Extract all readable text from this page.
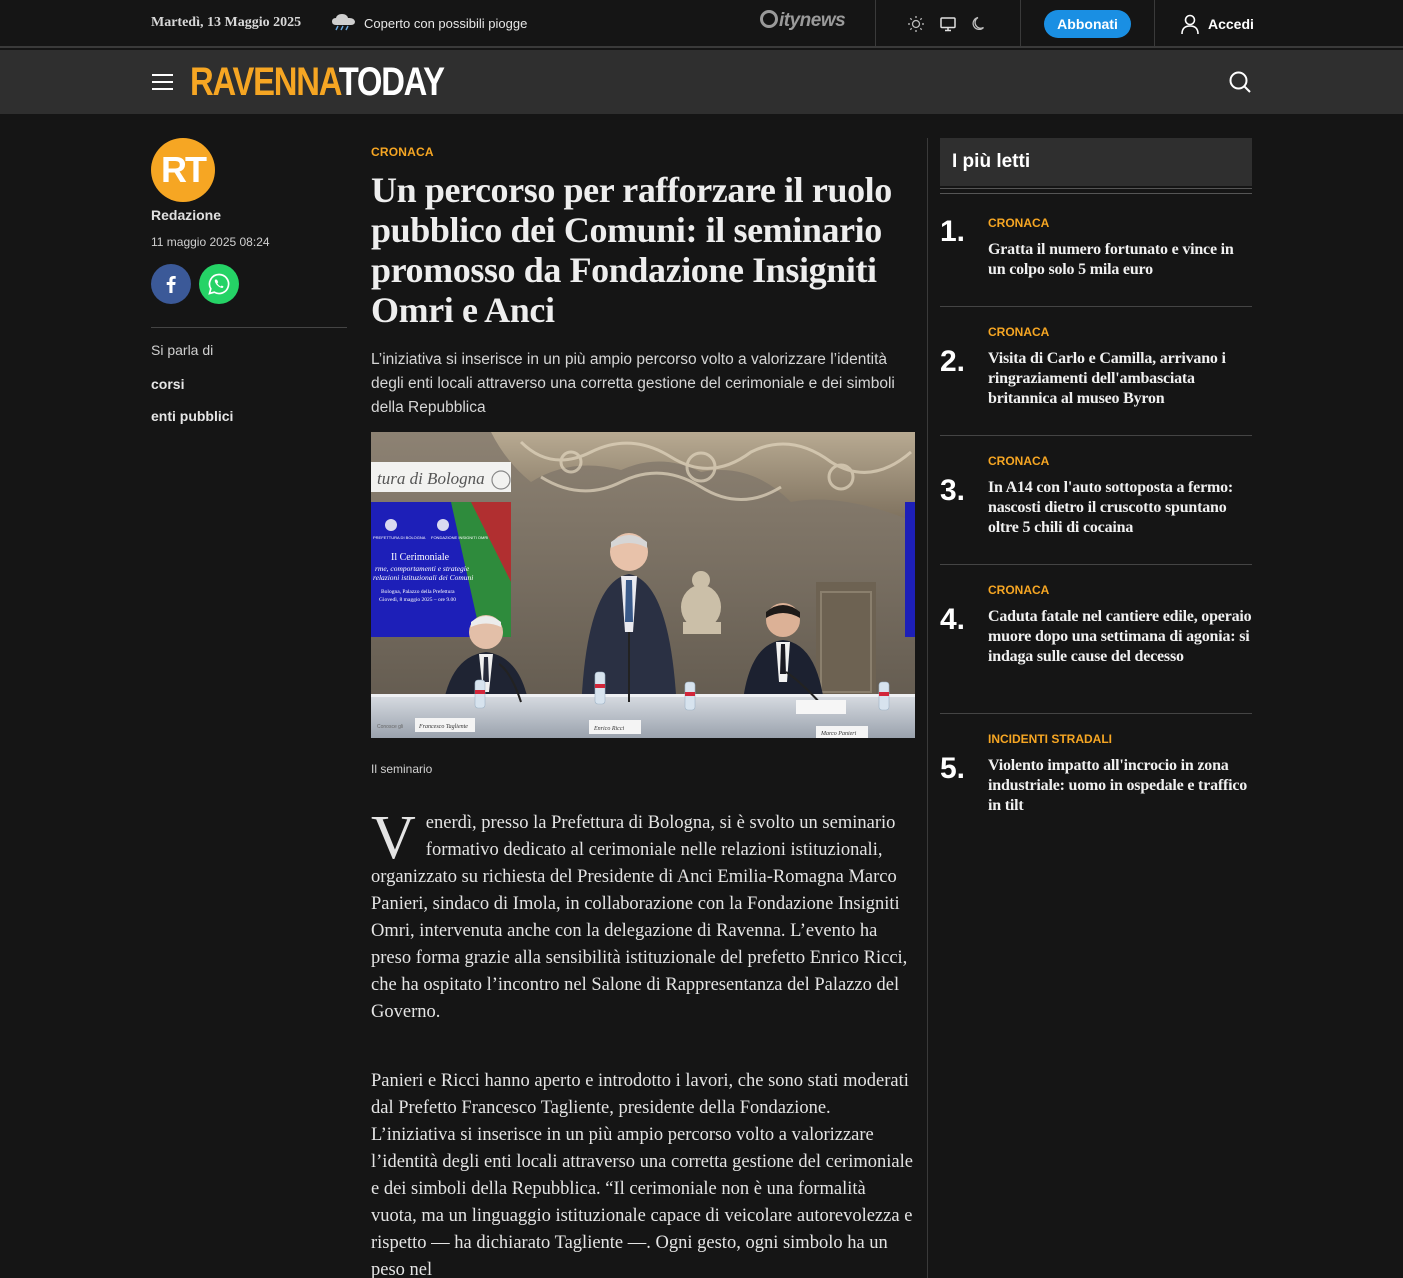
Martedì, 13 Maggio 2025	Coperto con possibili piogge	itynews	Abbonati	Accedi
RAVENNATODAY
RT
Redazione
11 maggio 2025 08:24
Si parla di
corsi
enti pubblici
CRONACA
Un percorso per rafforzare il ruolo pubblico dei Comuni: il seminario promosso da Fondazione Insigniti Omri e Anci

L’iniziativa si inserisce in un più ampio percorso volto a valorizzare l’identità degli enti locali attraverso una corretta gestione del cerimoniale e dei simboli della Repubblica

tura di Bologna
PREFETTURA DI BOLOGNA FONDAZIONE INSIGNITI OMRI
Il Cerimoniale
rme, comportamenti e strategie
relazioni istituzionali dei Comuni
Bologna, Palazzo della Prefettura
Giovedì, 8 maggio 2025 – ore 9.00
Francesco Tagliente	Enrico Ricci
Marco Panieri
Conosce gli
Il seminario
Venerdì, presso la Prefettura di Bologna, si è svolto un seminario formativo dedicato al cerimoniale nelle relazioni istituzionali, organizzato su richiesta del Presidente di Anci Emilia-Romagna Marco Panieri, sindaco di Imola, in collaborazione con la Fondazione Insigniti Omri, intervenuta anche con la delegazione di Ravenna. L’evento ha preso forma grazie alla sensibilità istituzionale del prefetto Enrico Ricci, che ha ospitato l’incontro nel Salone di Rappresentanza del Palazzo del Governo.
Panieri e Ricci hanno aperto e introdotto i lavori, che sono stati moderati dal Prefetto Francesco Tagliente, presidente della Fondazione. L’iniziativa si inserisce in un più ampio percorso volto a valorizzare l’identità degli enti locali attraverso una corretta gestione del cerimoniale e dei simboli della Repubblica. “Il cerimoniale non è una formalità vuota, ma un linguaggio istituzionale capace di veicolare autorevolezza e rispetto — ha dichiarato Tagliente —. Ogni gesto, ogni simbolo ha un peso nel
I più letti
1. CRONACA
Gratta il numero fortunato e vince in un colpo solo 5 mila euro
2.
CRONACA
Visita di Carlo e Camilla, arrivano i ringraziamenti dell'ambasciata britannica al museo Byron
3.
CRONACA
In A14 con l'auto sottoposta a fermo: nascosti dietro il cruscotto spuntano oltre 5 chili di cocaina
4.
CRONACA
Caduta fatale nel cantiere edile, operaio muore dopo una settimana di agonia: si indaga sulle cause del decesso
5.
INCIDENTI STRADALI
Violento impatto all'incrocio in zona industriale: uomo in ospedale e traffico in tilt
